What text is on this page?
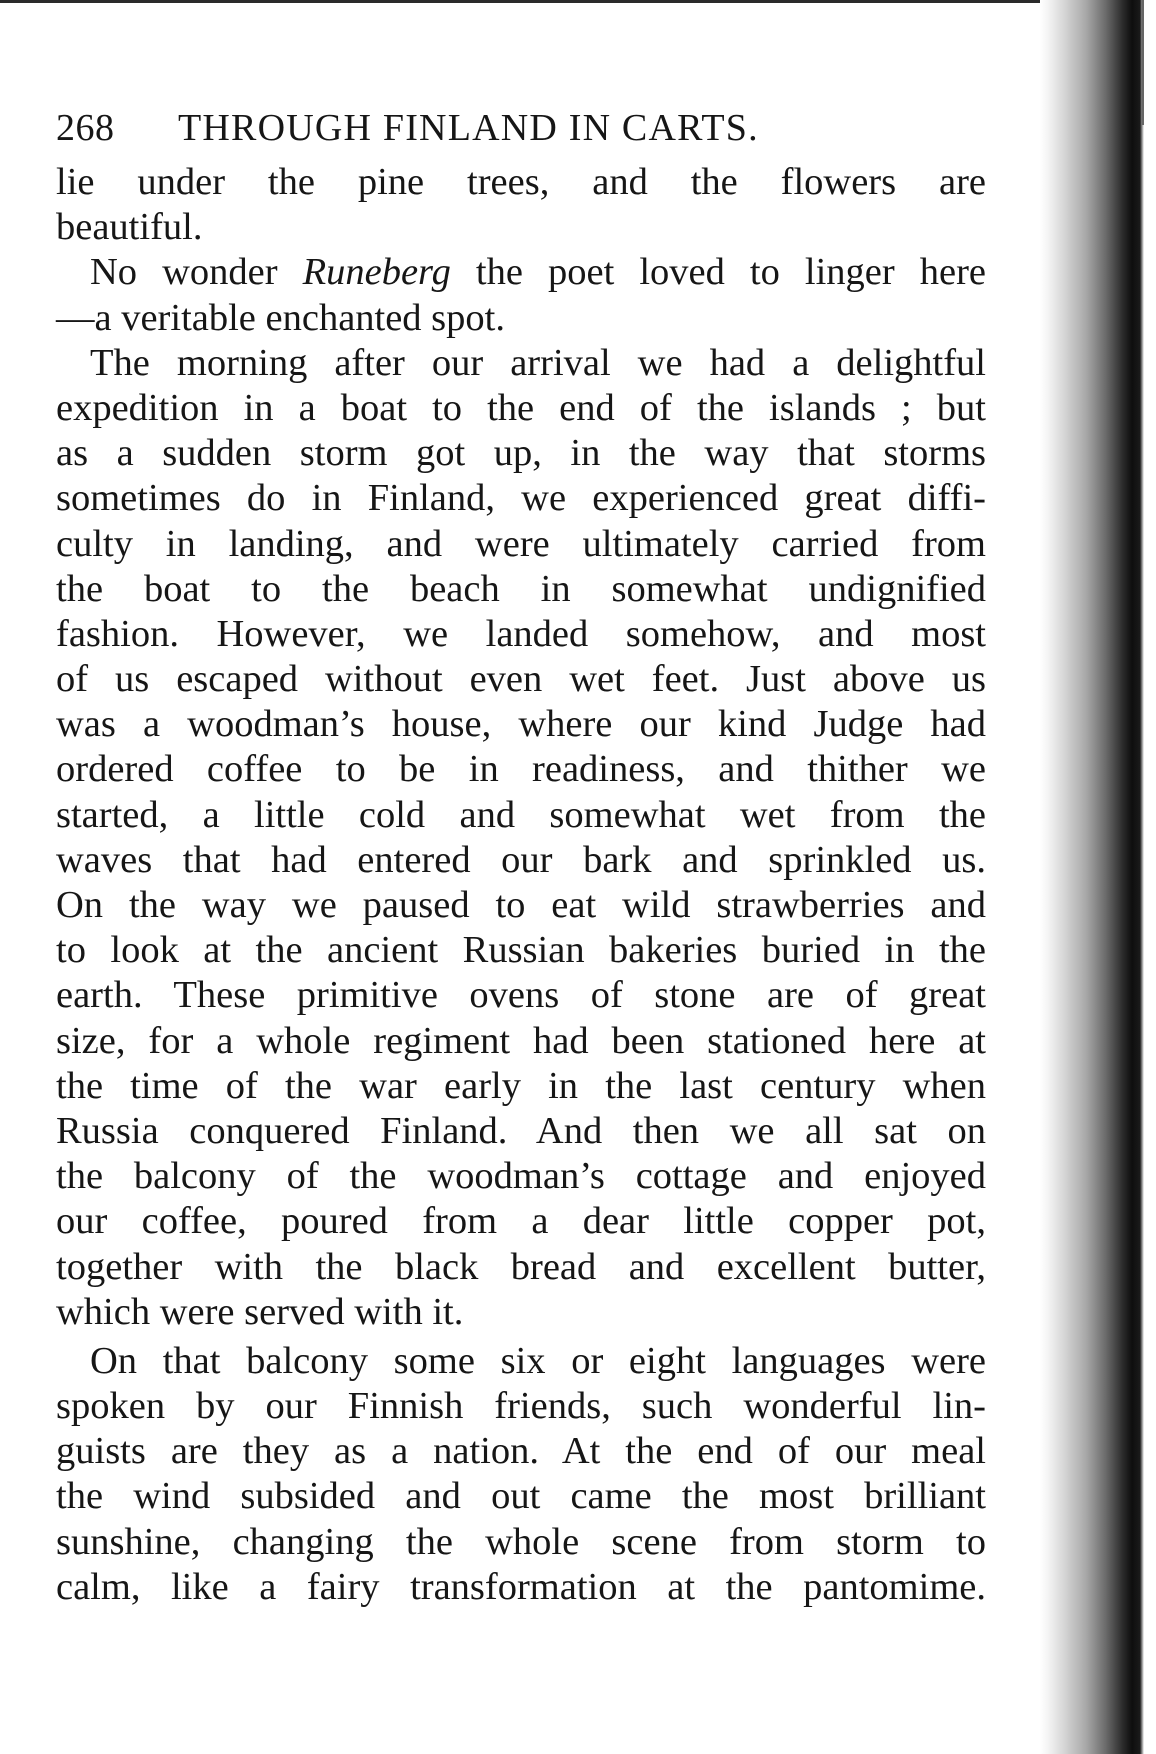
268 THROUGH FINLAND IN CARTS.
lie under the pine trees, and the flowers are
beautiful.
No wonder Runeberg the poet loved to linger here
—a veritable enchanted spot.
The morning after our arrival we had a delightful
expedition in a boat to the end of the islands ; but
as a sudden storm got up, in the way that storms
sometimes do in Finland, we experienced great diffi-
culty in landing, and were ultimately carried from
the boat to the beach in somewhat undignified
fashion. However, we landed somehow, and most
of us escaped without even wet feet. Just above us
was a woodman’s house, where our kind Judge had
ordered coffee to be in readiness, and thither we
started, a little cold and somewhat wet from the
waves that had entered our bark and sprinkled us.
On the way we paused to eat wild strawberries and
to look at the ancient Russian bakeries buried in the
earth. These primitive ovens of stone are of great
size, for a whole regiment had been stationed here at
the time of the war early in the last century when
Russia conquered Finland. And then we all sat on
the balcony of the woodman’s cottage and enjoyed
our coffee, poured from a dear little copper pot,
together with the black bread and excellent butter,
which were served with it.
On that balcony some six or eight languages were
spoken by our Finnish friends, such wonderful lin-
guists are they as a nation. At the end of our meal
the wind subsided and out came the most brilliant
sunshine, changing the whole scene from storm to
calm, like a fairy transformation at the pantomime.
